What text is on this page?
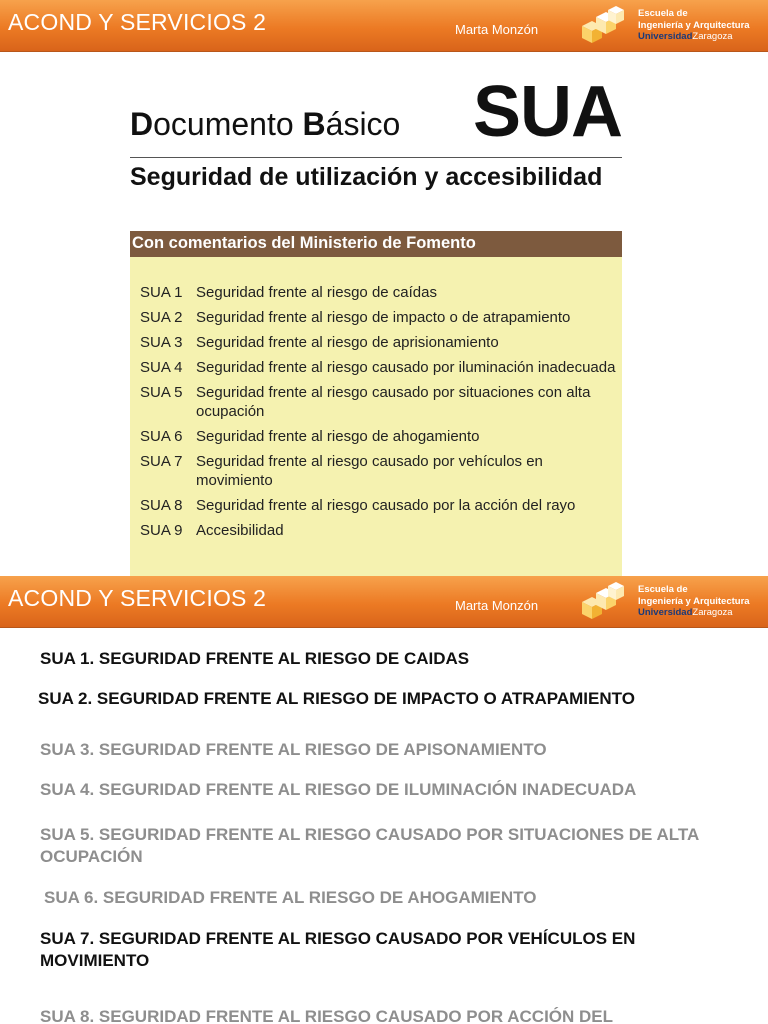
ACOND Y SERVICIOS 2	Marta Monzón
Escuela de
Ingeniería y Arquitectura
UniversidadZaragoza
Documento Básico SUA
Seguridad de utilización y accesibilidad
Con comentarios del Ministerio de Fomento
SUA 1 Seguridad frente al riesgo de caídas
SUA 2 Seguridad frente al riesgo de impacto o de atrapamiento
SUA 3 Seguridad frente al riesgo de aprisionamiento
SUA 4 Seguridad frente al riesgo causado por iluminación inadecuada
SUA 5 Seguridad frente al riesgo causado por situaciones con alta ocupación
SUA 6 Seguridad frente al riesgo de ahogamiento
SUA 7 Seguridad frente al riesgo causado por vehículos en movimiento
SUA 8 Seguridad frente al riesgo causado por la acción del rayo
SUA 9 Accesibilidad
ACOND Y SERVICIOS 2	Marta Monzón
Escuela de
Ingeniería y Arquitectura
UniversidadZaragoza
SUA 1. SEGURIDAD FRENTE AL RIESGO DE CAIDAS
SUA 2. SEGURIDAD FRENTE AL RIESGO DE IMPACTO O ATRAPAMIENTO
SUA 3. SEGURIDAD FRENTE AL RIESGO DE APISONAMIENTO
SUA 4. SEGURIDAD FRENTE AL RIESGO DE ILUMINACIÓN INADECUADA
SUA 5. SEGURIDAD FRENTE AL RIESGO CAUSADO POR SITUACIONES DE ALTA OCUPACIÓN
SUA 6. SEGURIDAD FRENTE AL RIESGO DE AHOGAMIENTO
SUA 7. SEGURIDAD FRENTE AL RIESGO CAUSADO POR VEHÍCULOS EN MOVIMIENTO
SUA 8. SEGURIDAD FRENTE AL RIESGO CAUSADO POR ACCIÓN DEL
